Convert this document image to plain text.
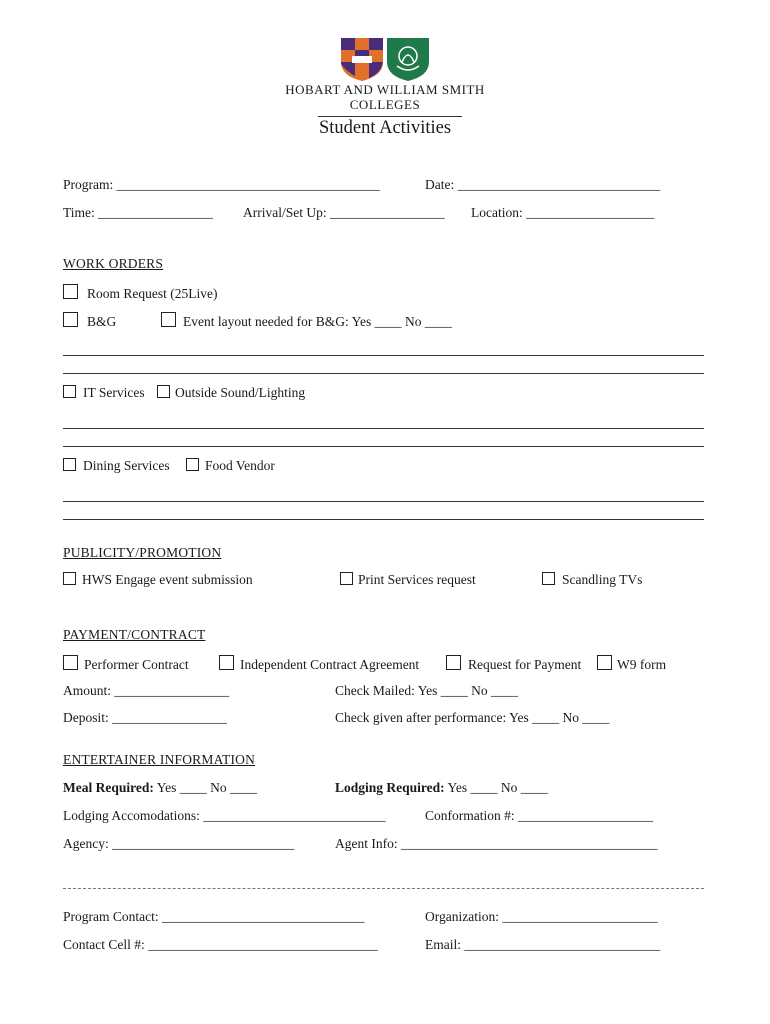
HOBART AND WILLIAM SMITH
COLLEGES
Student Activities
Program: _______________________________________	Date: ______________________________
Time: _________________ Arrival/Set Up: _________________ Location: ___________________
WORK ORDERS
Room Request (25Live)
B&G	Event layout needed for B&G: Yes ____ No ____
IT Services	Outside Sound/Lighting
Dining Services	Food Vendor
PUBLICITY/PROMOTION
HWS Engage event submission	Print Services request	Scandling TVs
PAYMENT/CONTRACT
Performer Contract	Independent Contract Agreement	Request for Payment	W9 form
Amount: _________________	Check Mailed: Yes ____ No ____
Deposit: _________________	Check given after performance: Yes ____ No ____
ENTERTAINER INFORMATION
Meal Required: Yes ____ No ____	Lodging Required: Yes ____ No ____
Lodging Accomodations: ___________________________	Conformation #: ____________________
Agency: ___________________________	Agent Info: ______________________________________
Program Contact: ______________________________	Organization: _______________________
Contact Cell #: __________________________________	Email: _____________________________
